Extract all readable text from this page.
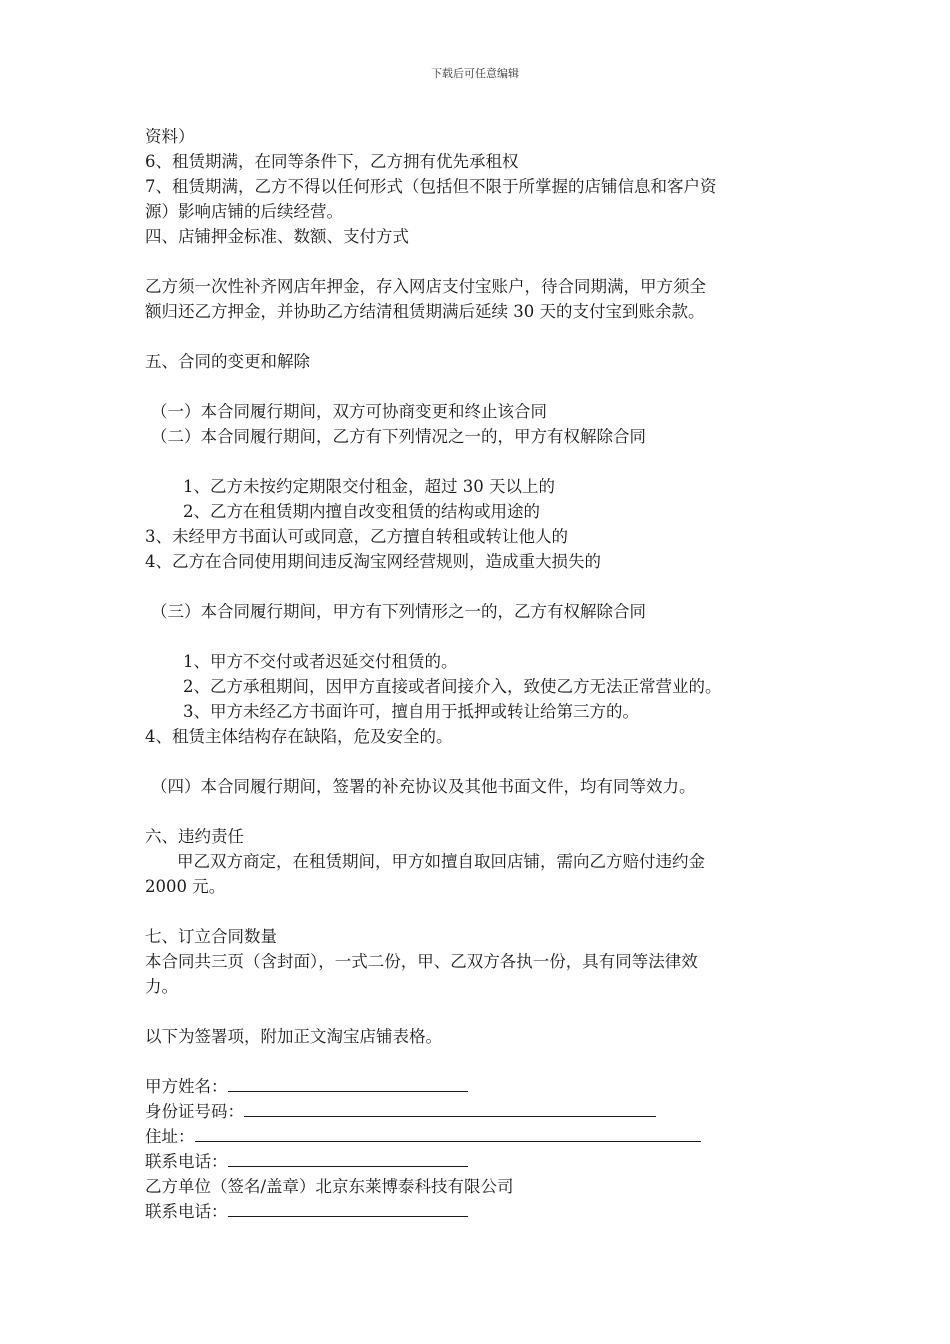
下载后可任意编辑
资料）
6、租赁期满，在同等条件下，乙方拥有优先承租权
7、租赁期满，乙方不得以任何形式（包括但不限于所掌握的店铺信息和客户资
源）影响店铺的后续经营。
四、店铺押金标准、数额、支付方式
乙方须一次性补齐网店年押金，存入网店支付宝账户，待合同期满，甲方须全
额归还乙方押金，并协助乙方结清租赁期满后延续 30 天的支付宝到账余款。
五、合同的变更和解除
（一）本合同履行期间，双方可协商变更和终止该合同
（二）本合同履行期间，乙方有下列情况之一的，甲方有权解除合同
1、乙方未按约定期限交付租金，超过 30 天以上的
2、乙方在租赁期内擅自改变租赁的结构或用途的
3、未经甲方书面认可或同意，乙方擅自转租或转让他人的
4、乙方在合同使用期间违反淘宝网经营规则，造成重大损失的
（三）本合同履行期间，甲方有下列情形之一的，乙方有权解除合同
1、甲方不交付或者迟延交付租赁的。
2、乙方承租期间，因甲方直接或者间接介入，致使乙方无法正常营业的。
3、甲方未经乙方书面许可，擅自用于抵押或转让给第三方的。
4、租赁主体结构存在缺陷，危及安全的。
（四）本合同履行期间，签署的补充协议及其他书面文件，均有同等效力。
六、违约责任
甲乙双方商定，在租赁期间，甲方如擅自取回店铺，需向乙方赔付违约金
2000 元。
七、订立合同数量
本合同共三页（含封面），一式二份，甲、乙双方各执一份，具有同等法律效
力。
以下为签署项，附加正文淘宝店铺表格。
甲方姓名：
身份证号码：
住址：
联系电话：
乙方单位（签名/盖章）北京东莱博泰科技有限公司
联系电话：
